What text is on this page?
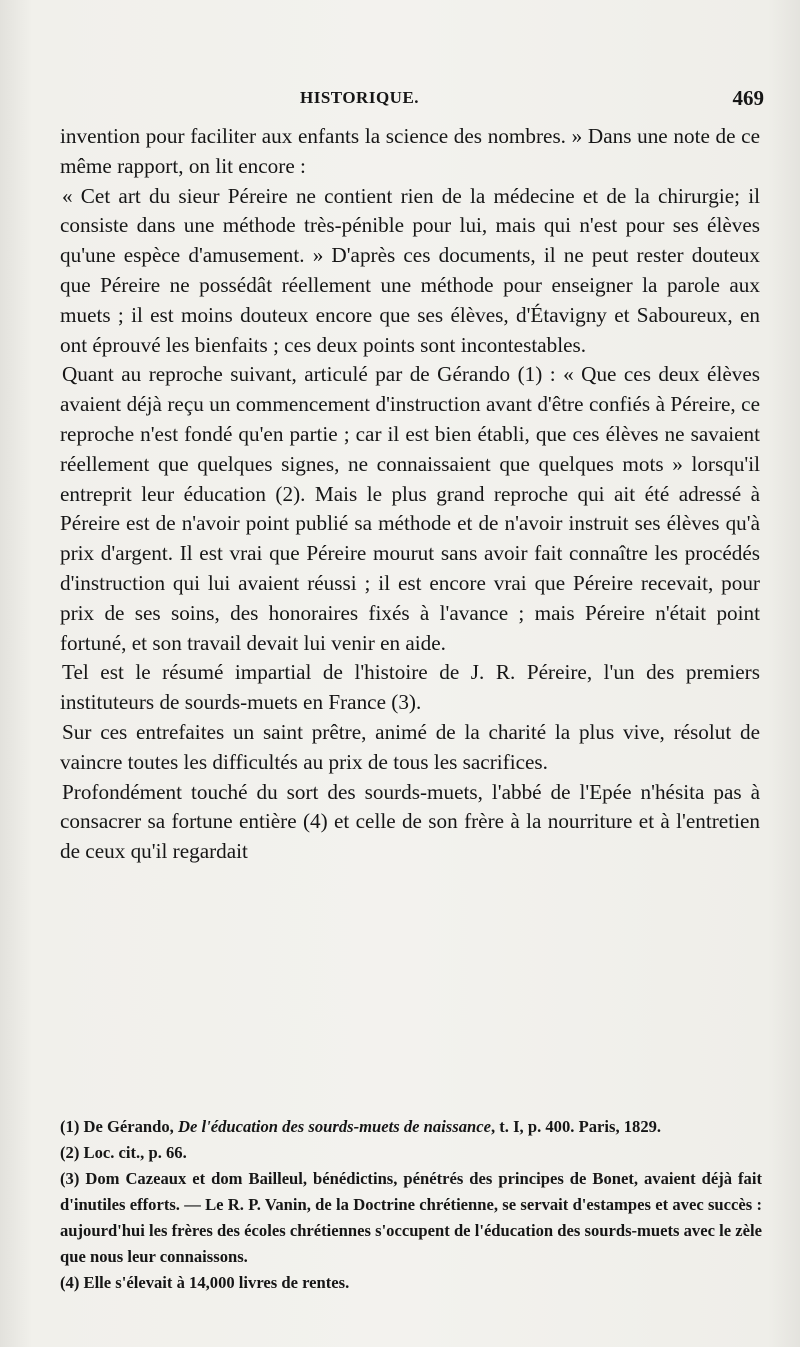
HISTORIQUE.	469

invention pour faciliter aux enfants la science des nombres. » Dans une note de ce même rapport, on lit encore :

« Cet art du sieur Péreire ne contient rien de la médecine et de la chirurgie; il consiste dans une méthode très-pénible pour lui, mais qui n'est pour ses élèves qu'une espèce d'amusement. » D'après ces documents, il ne peut rester douteux que Péreire ne possédât réellement une méthode pour enseigner la parole aux muets ; il est moins douteux encore que ses élèves, d'Étavigny et Saboureux, en ont éprouvé les bienfaits ; ces deux points sont incontestables.

Quant au reproche suivant, articulé par de Gérando (1) : « Que ces deux élèves avaient déjà reçu un commencement d'instruction avant d'être confiés à Péreire, ce reproche n'est fondé qu'en partie ; car il est bien établi, que ces élèves ne savaient réellement que quelques signes, ne connaissaient que quelques mots » lorsqu'il entreprit leur éducation (2). Mais le plus grand reproche qui ait été adressé à Péreire est de n'avoir point publié sa méthode et de n'avoir instruit ses élèves qu'à prix d'argent. Il est vrai que Péreire mourut sans avoir fait connaître les procédés d'instruction qui lui avaient réussi ; il est encore vrai que Péreire recevait, pour prix de ses soins, des honoraires fixés à l'avance ; mais Péreire n'était point fortuné, et son travail devait lui venir en aide.

Tel est le résumé impartial de l'histoire de J. R. Péreire, l'un des premiers instituteurs de sourds-muets en France (3).

Sur ces entrefaites un saint prêtre, animé de la charité la plus vive, résolut de vaincre toutes les difficultés au prix de tous les sacrifices.

Profondément touché du sort des sourds-muets, l'abbé de l'Epée n'hésita pas à consacrer sa fortune entière (4) et celle de son frère à la nourriture et à l'entretien de ceux qu'il regardait

(1) De Gérando, De l'éducation des sourds-muets de naissance, t. I, p. 400. Paris, 1829.

(2) Loc. cit., p. 66.

(3) Dom Cazeaux et dom Bailleul, bénédictins, pénétrés des principes de Bonet, avaient déjà fait d'inutiles efforts. — Le R. P. Vanin, de la Doctrine chrétienne, se servait d'estampes et avec succès : aujourd'hui les frères des écoles chrétiennes s'occupent de l'éducation des sourds-muets avec le zèle que nous leur connaissons.

(4) Elle s'élevait à 14,000 livres de rentes.
